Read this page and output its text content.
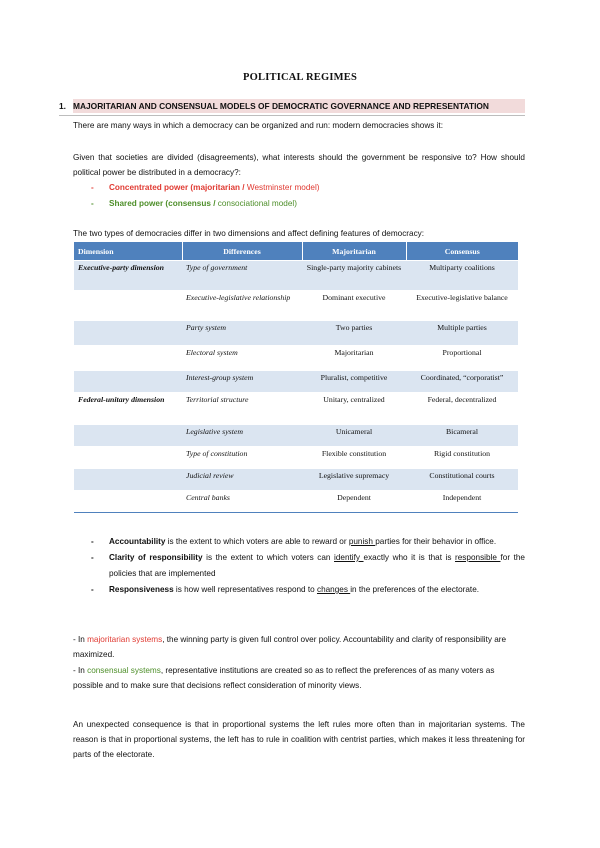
POLITICAL REGIMES
1. MAJORITARIAN AND CONSENSUAL MODELS OF DEMOCRATIC GOVERNANCE AND REPRESENTATION
There are many ways in which a democracy can be organized and run: modern democracies shows it:
Given that societies are divided (disagreements), what interests should the government be responsive to? How should political power be distributed in a democracy?:
- Concentrated power (majoritarian / Westminster model)
- Shared power (consensus / consociational model)
The two types of democracies differ in two dimensions and affect defining features of democracy:
Dimension	Differences	Majoritarian	Consensus
Executive-party dimension	Type of government	Single-party majority cabinets	Multiparty coalitions
	Executive-legislative relationship	Dominant executive	Executive-legislative balance
	Party system	Two parties	Multiple parties
	Electoral system	Majoritarian	Proportional
	Interest-group system	Pluralist, competitive	Coordinated, “corporatist”
Federal-unitary dimension	Territorial structure	Unitary, centralized	Federal, decentralized
	Legislative system	Unicameral	Bicameral
	Type of constitution	Flexible constitution	Rigid constitution
	Judicial review	Legislative supremacy	Constitutional courts
	Central banks	Dependent	Independent
- Accountability is the extent to which voters are able to reward or punish parties for their behavior in office.
- Clarity of responsibility is the extent to which voters can identify exactly who it is that is responsible for the policies that are implemented
- Responsiveness is how well representatives respond to changes in the preferences of the electorate.
- In majoritarian systems, the winning party is given full control over policy. Accountability and clarity of responsibility are maximized.
- In consensual systems, representative institutions are created so as to reflect the preferences of as many voters as possible and to make sure that decisions reflect consideration of minority views.
An unexpected consequence is that in proportional systems the left rules more often than in majoritarian systems. The reason is that in proportional systems, the left has to rule in coalition with centrist parties, which makes it less threatening for parts of the electorate.
